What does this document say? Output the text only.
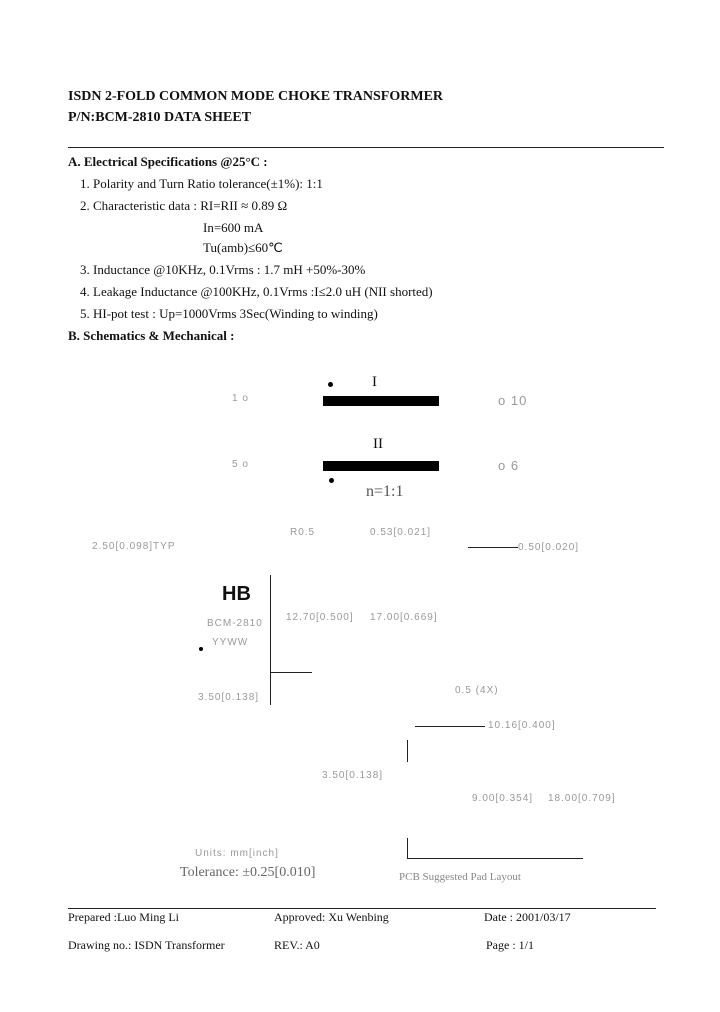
ISDN 2-FOLD COMMON MODE CHOKE TRANSFORMER
P/N:BCM-2810 DATA SHEET
A. Electrical Specifications @25°C :
1. Polarity and Turn Ratio tolerance(±1%): 1:1
2. Characteristic data : RI=RII ≈ 0.89 Ω
In=600 mA
Tu(amb)≤60℃
3. Inductance @10KHz, 0.1Vrms : 1.7 mH +50%-30%
4. Leakage Inductance @100KHz, 0.1Vrms :I≤2.0 uH (NII shorted)
5. HI-pot test : Up=1000Vrms 3Sec(Winding to winding)
B. Schematics & Mechanical :
I
1 o	o 10
II
5 o	o 6
n=1:1
2.50[0.098]TYP
R0.5	0.53[0.021]
0.50[0.020]
HB
BCM-2810
YYWW
12.70[0.500] 17.00[0.669]
3.50[0.138]
0.5 (4X)
10.16[0.400]
3.50[0.138]
9.00[0.354] 18.00[0.709]
Units: mm[inch]
Tolerance: ±0.25[0.010]	PCB Suggested Pad Layout
Prepared :Luo Ming Li	Approved: Xu Wenbing	Date : 2001/03/17
Drawing no.: ISDN Transformer	REV.: A0	Page : 1/1
